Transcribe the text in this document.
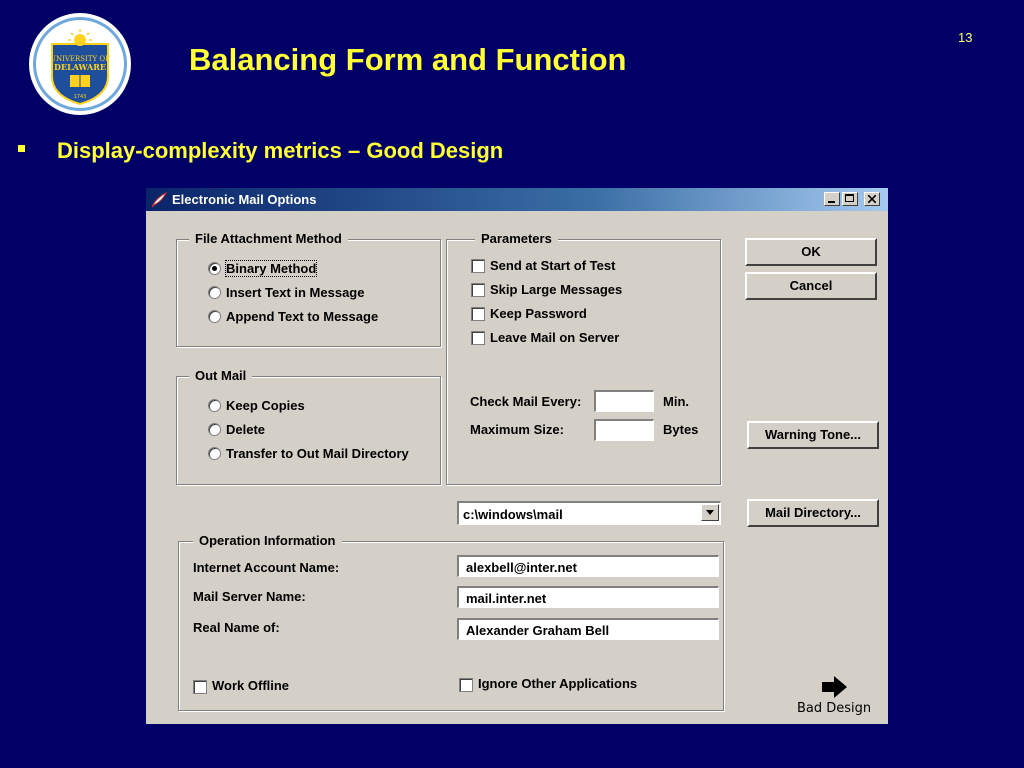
UNIVERSITY OF
DELAWARE
1743
Balancing Form and Function
13
Display-complexity metrics – Good Design
Electronic Mail Options
File Attachment Method
Binary Method
Insert Text in Message
Append Text to Message
Parameters
Send at Start of Test
Skip Large Messages
Keep Password
Leave Mail on Server
Check Mail Every:	Min.
Maximum Size:	Bytes
Out Mail
Keep Copies
Delete
Transfer to Out Mail Directory
OK
Cancel
Warning Tone...
Mail Directory...
c:\windows\mail
Operation Information
Internet Account Name:	alexbell@inter.net
Mail Server Name:	mail.inter.net
Real Name of:	Alexander Graham Bell
Work Offline	Ignore Other Applications
Bad Design
